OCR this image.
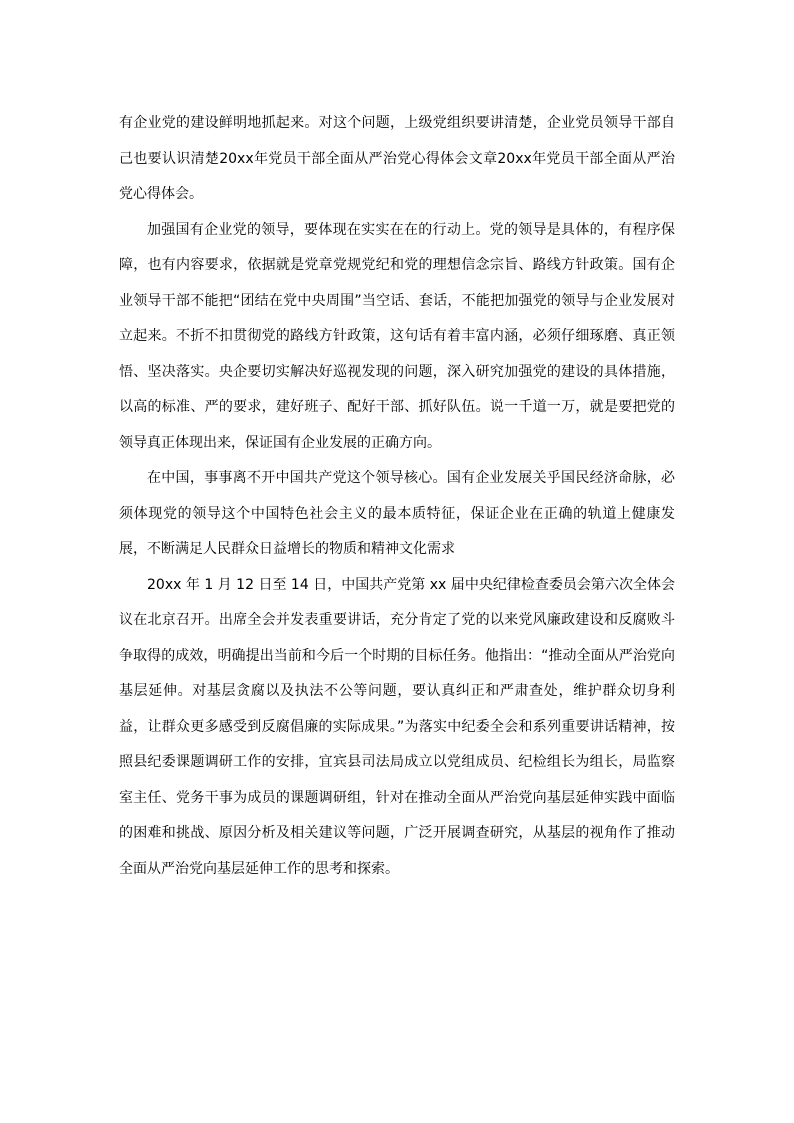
有企业党的建设鲜明地抓起来。对这个问题，上级党组织要讲清楚，企业党员领导干部自己也要认识清楚20xx年党员干部全面从严治党心得体会文章20xx年党员干部全面从严治党心得体会。

加强国有企业党的领导，要体现在实实在在的行动上。党的领导是具体的，有程序保障，也有内容要求，依据就是党章党规党纪和党的理想信念宗旨、路线方针政策。国有企业领导干部不能把“团结在党中央周围”当空话、套话，不能把加强党的领导与企业发展对立起来。不折不扣贯彻党的路线方针政策，这句话有着丰富内涵，必须仔细琢磨、真正领悟、坚决落实。央企要切实解决好巡视发现的问题，深入研究加强党的建设的具体措施，以高的标准、严的要求，建好班子、配好干部、抓好队伍。说一千道一万，就是要把党的领导真正体现出来，保证国有企业发展的正确方向。

在中国，事事离不开中国共产党这个领导核心。国有企业发展关乎国民经济命脉，必须体现党的领导这个中国特色社会主义的最本质特征，保证企业在正确的轨道上健康发展，不断满足人民群众日益增长的物质和精神文化需求

20xx 年 1 月 12 日至 14 日，中国共产党第 xx 届中央纪律检查委员会第六次全体会议在北京召开。出席全会并发表重要讲话，充分肯定了党的以来党风廉政建设和反腐败斗争取得的成效，明确提出当前和今后一个时期的目标任务。他指出：“推动全面从严治党向基层延伸。对基层贪腐以及执法不公等问题，要认真纠正和严肃查处，维护群众切身利益，让群众更多感受到反腐倡廉的实际成果。”为落实中纪委全会和系列重要讲话精神，按照县纪委课题调研工作的安排，宜宾县司法局成立以党组成员、纪检组长为组长，局监察室主任、党务干事为成员的课题调研组，针对在推动全面从严治党向基层延伸实践中面临的困难和挑战、原因分析及相关建议等问题，广泛开展调查研究，从基层的视角作了推动全面从严治党向基层延伸工作的思考和探索。
